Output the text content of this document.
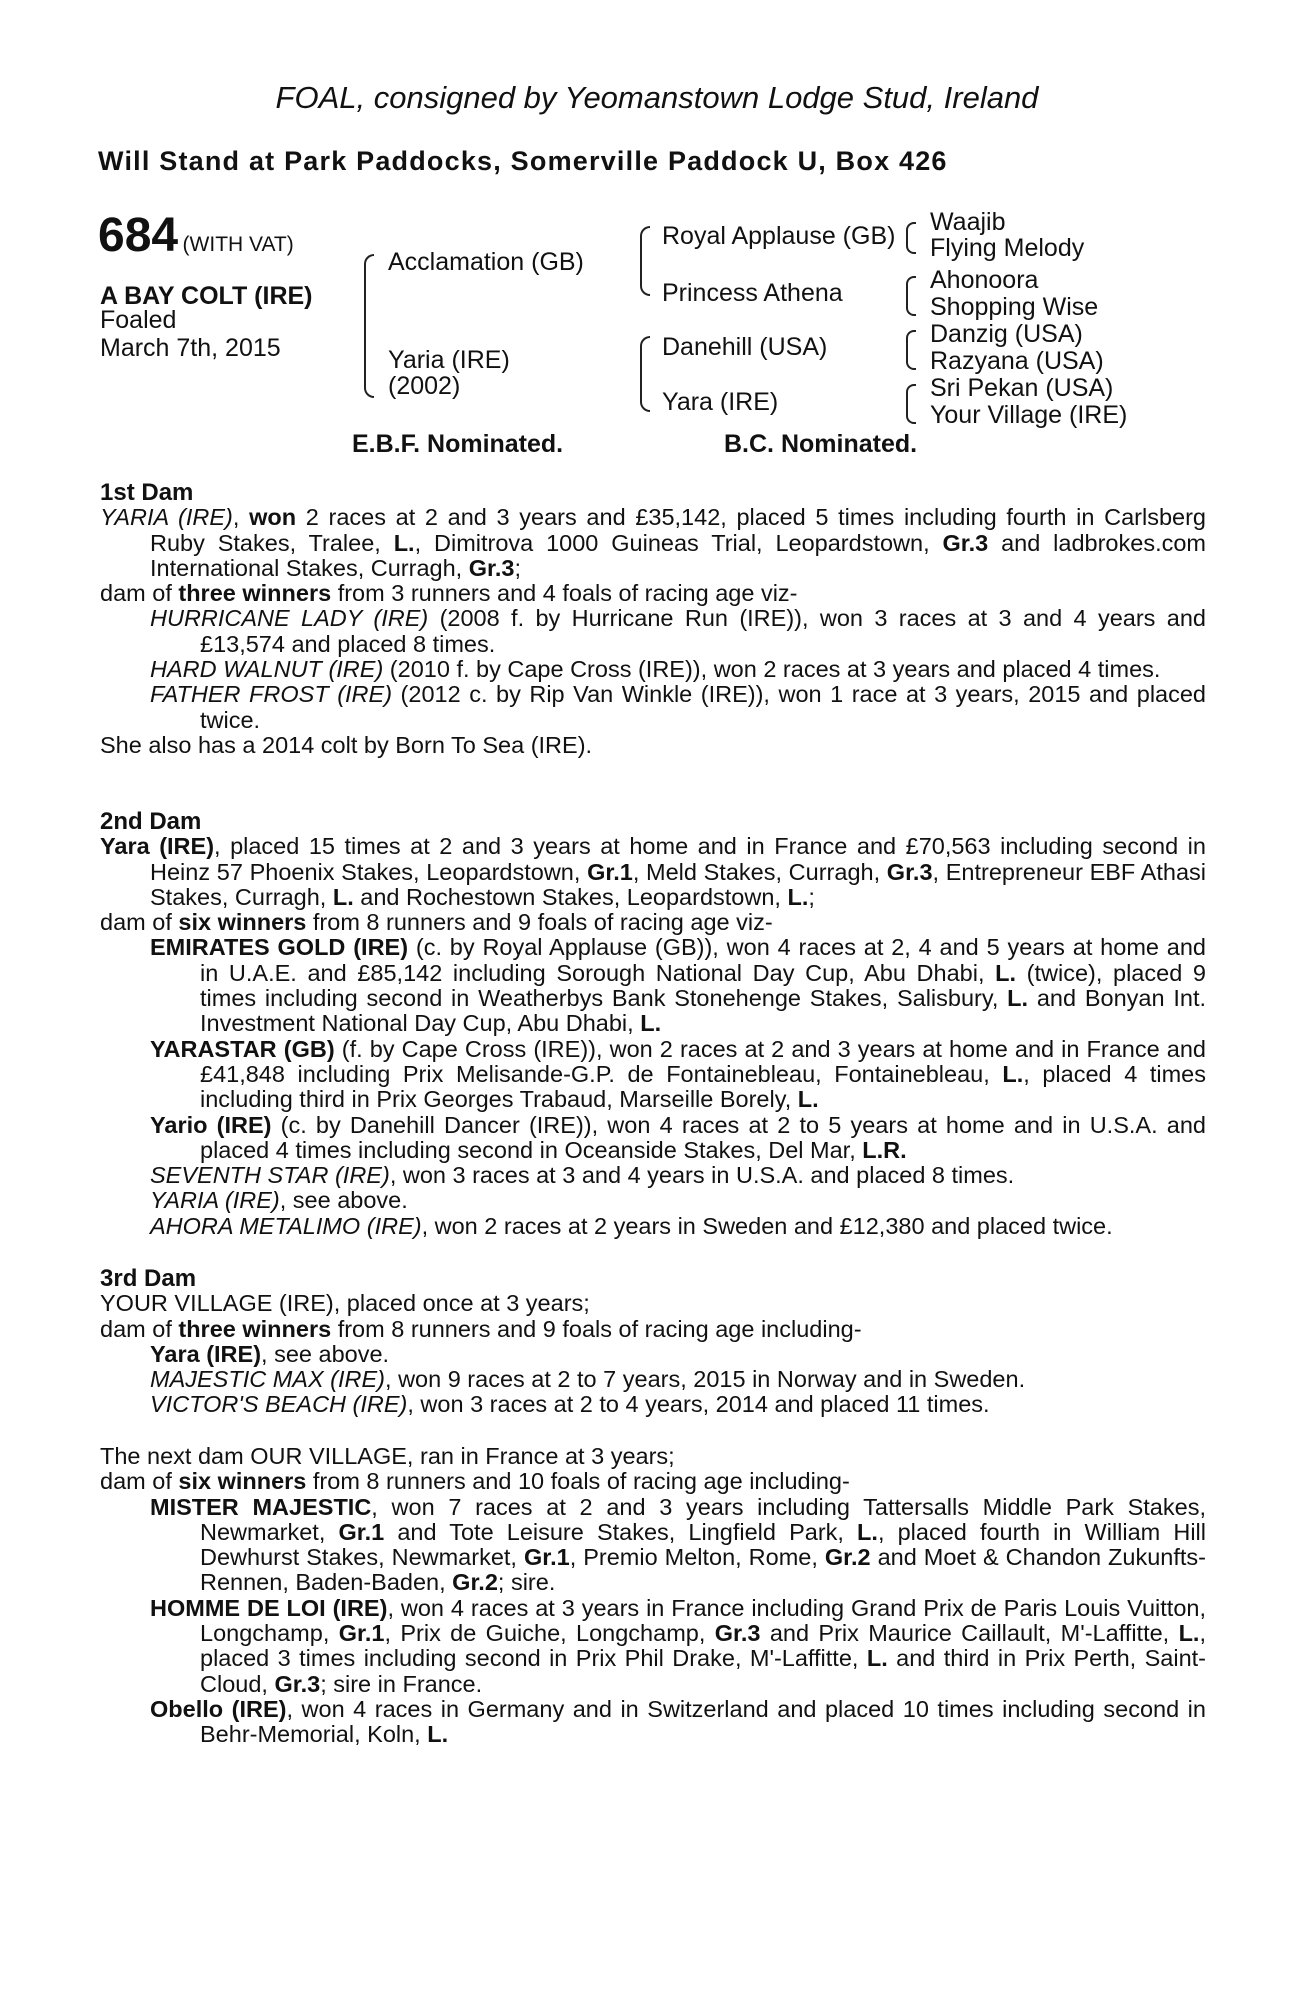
FOAL, consigned by Yeomanstown Lodge Stud, Ireland
Will Stand at Park Paddocks, Somerville Paddock U, Box 426
684 (WITH VAT)
A BAY COLT (IRE)
Foaled
March 7th, 2015
Acclamation (GB)
Yaria (IRE)
(2002)
Royal Applause (GB)
Princess Athena
Danehill (USA)
Yara (IRE)
Waajib
Flying Melody
Ahonoora
Shopping Wise
Danzig (USA)
Razyana (USA)
Sri Pekan (USA)
Your Village (IRE)
E.B.F. Nominated.	B.C. Nominated.

1st Dam

YARIA (IRE), won 2 races at 2 and 3 years and £35,142, placed 5 times including fourth in Carlsberg Ruby Stakes, Tralee, L., Dimitrova 1000 Guineas Trial, Leopardstown, Gr.3 and ladbrokes.com International Stakes, Curragh, Gr.3;

dam of three winners from 3 runners and 4 foals of racing age viz-

HURRICANE LADY (IRE) (2008 f. by Hurricane Run (IRE)), won 3 races at 3 and 4 years and £13,574 and placed 8 times.

HARD WALNUT (IRE) (2010 f. by Cape Cross (IRE)), won 2 races at 3 years and placed 4 times.

FATHER FROST (IRE) (2012 c. by Rip Van Winkle (IRE)), won 1 race at 3 years, 2015 and placed twice.

She also has a 2014 colt by Born To Sea (IRE).

2nd Dam

Yara (IRE), placed 15 times at 2 and 3 years at home and in France and £70,563 including second in Heinz 57 Phoenix Stakes, Leopardstown, Gr.1, Meld Stakes, Curragh, Gr.3, Entrepreneur EBF Athasi Stakes, Curragh, L. and Rochestown Stakes, Leopardstown, L.;

dam of six winners from 8 runners and 9 foals of racing age viz-

EMIRATES GOLD (IRE) (c. by Royal Applause (GB)), won 4 races at 2, 4 and 5 years at home and in U.A.E. and £85,142 including Sorough National Day Cup, Abu Dhabi, L. (twice), placed 9 times including second in Weatherbys Bank Stonehenge Stakes, Salisbury, L. and Bonyan Int. Investment National Day Cup, Abu Dhabi, L.

YARASTAR (GB) (f. by Cape Cross (IRE)), won 2 races at 2 and 3 years at home and in France and £41,848 including Prix Melisande-G.P. de Fontainebleau, Fontainebleau, L., placed 4 times including third in Prix Georges Trabaud, Marseille Borely, L.

Yario (IRE) (c. by Danehill Dancer (IRE)), won 4 races at 2 to 5 years at home and in U.S.A. and placed 4 times including second in Oceanside Stakes, Del Mar, L.R.

SEVENTH STAR (IRE), won 3 races at 3 and 4 years in U.S.A. and placed 8 times.

YARIA (IRE), see above.

AHORA METALIMO (IRE), won 2 races at 2 years in Sweden and £12,380 and placed twice.

3rd Dam

YOUR VILLAGE (IRE), placed once at 3 years;

dam of three winners from 8 runners and 9 foals of racing age including-

Yara (IRE), see above.

MAJESTIC MAX (IRE), won 9 races at 2 to 7 years, 2015 in Norway and in Sweden.

VICTOR'S BEACH (IRE), won 3 races at 2 to 4 years, 2014 and placed 11 times.

The next dam OUR VILLAGE, ran in France at 3 years;

dam of six winners from 8 runners and 10 foals of racing age including-

MISTER MAJESTIC, won 7 races at 2 and 3 years including Tattersalls Middle Park Stakes, Newmarket, Gr.1 and Tote Leisure Stakes, Lingfield Park, L., placed fourth in William Hill Dewhurst Stakes, Newmarket, Gr.1, Premio Melton, Rome, Gr.2 and Moet & Chandon Zukunfts-Rennen, Baden-Baden, Gr.2; sire.

HOMME DE LOI (IRE), won 4 races at 3 years in France including Grand Prix de Paris Louis Vuitton, Longchamp, Gr.1, Prix de Guiche, Longchamp, Gr.3 and Prix Maurice Caillault, M'-Laffitte, L., placed 3 times including second in Prix Phil Drake, M'-Laffitte, L. and third in Prix Perth, Saint-Cloud, Gr.3; sire in France.

Obello (IRE), won 4 races in Germany and in Switzerland and placed 10 times including second in Behr-Memorial, Koln, L.
